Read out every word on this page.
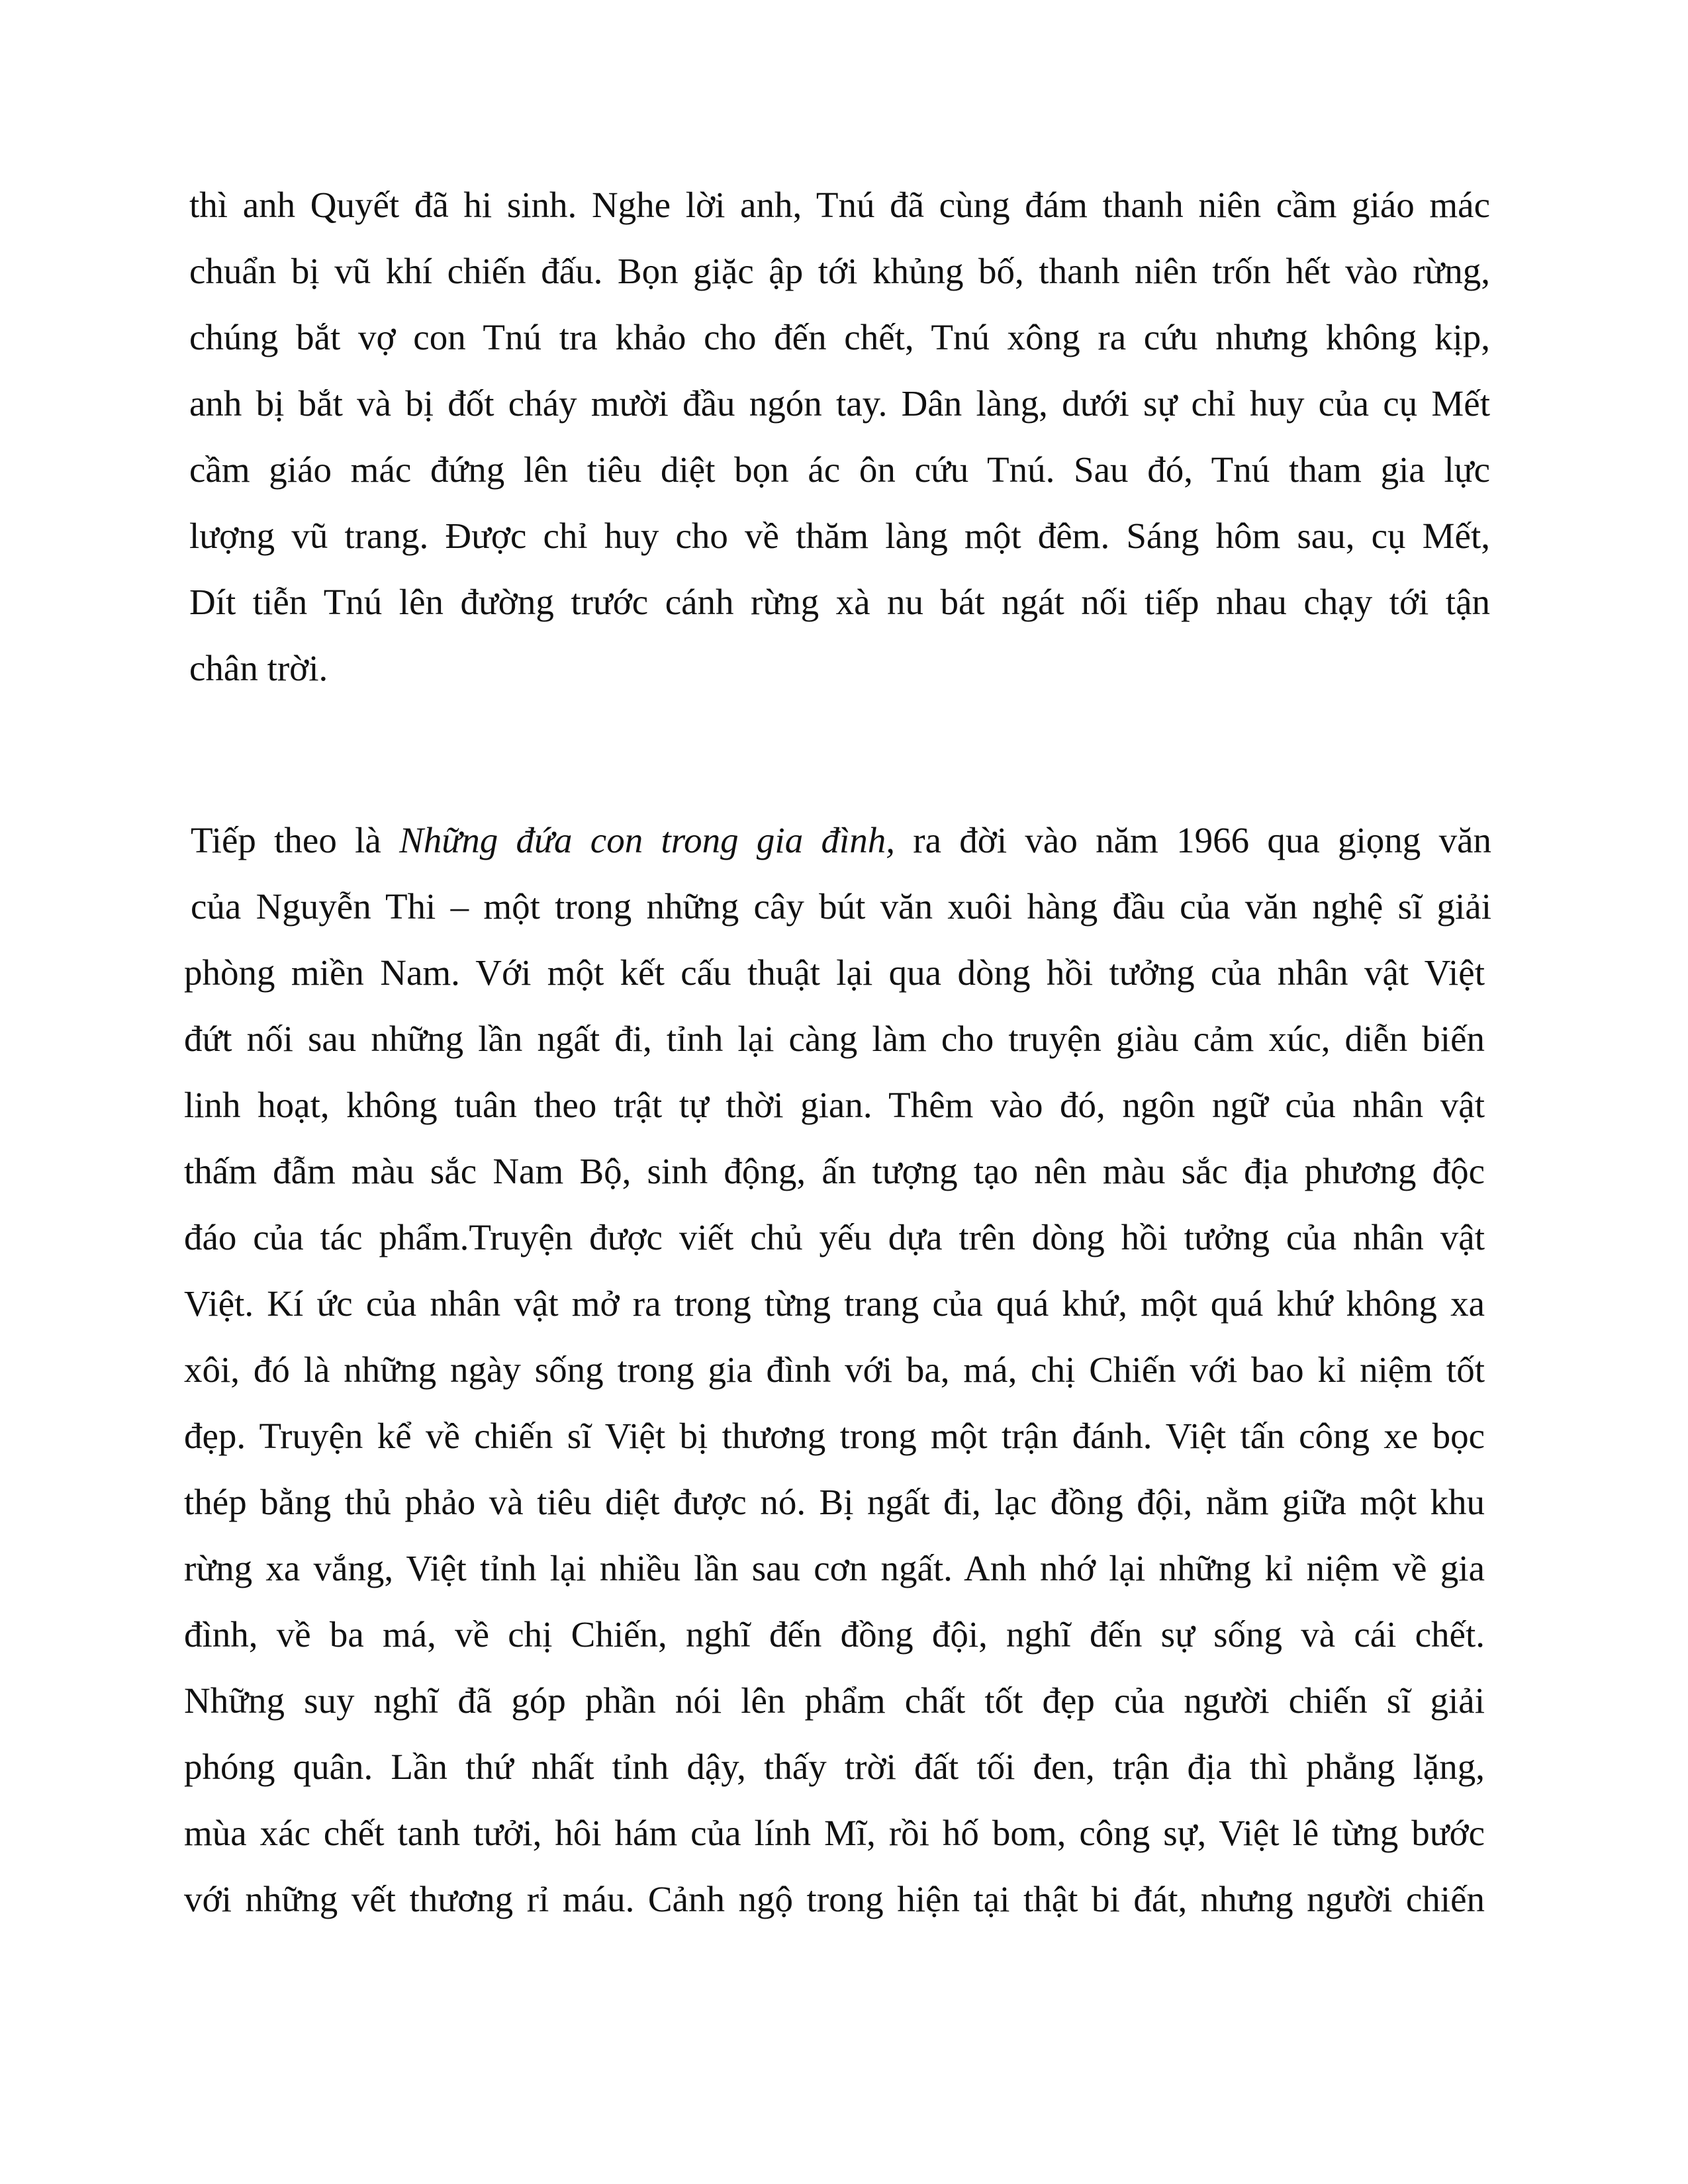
thì anh Quyết đã hi sinh. Nghe lời anh, Tnú đã cùng đám thanh niên cầm giáo mác
chuẩn bị vũ khí chiến đấu. Bọn giặc ập tới khủng bố, thanh niên trốn hết vào rừng,
chúng bắt vợ con Tnú tra khảo cho đến chết, Tnú xông ra cứu nhưng không kịp,
anh bị bắt và bị đốt cháy mười đầu ngón tay. Dân làng, dưới sự chỉ huy của cụ Mết
cầm giáo mác đứng lên tiêu diệt bọn ác ôn cứu Tnú. Sau đó, Tnú tham gia lực
lượng vũ trang. Được chỉ huy cho về thăm làng một đêm. Sáng hôm sau, cụ Mết,
Dít tiễn Tnú lên đường trước cánh rừng xà nu bát ngát nối tiếp nhau chạy tới tận
chân trời.
Tiếp theo là Những đứa con trong gia đình, ra đời vào năm 1966 qua giọng văn
của Nguyễn Thi – một trong những cây bút văn xuôi hàng đầu của văn nghệ sĩ giải
phòng miền Nam. Với một kết cấu thuật lại qua dòng hồi tưởng của nhân vật Việt
đứt nối sau những lần ngất đi, tỉnh lại càng làm cho truyện giàu cảm xúc, diễn biến
linh hoạt, không tuân theo trật tự thời gian. Thêm vào đó, ngôn ngữ của nhân vật
thấm đẫm màu sắc Nam Bộ, sinh động, ấn tượng tạo nên màu sắc địa phương độc
đáo của tác phẩm.Truyện được viết chủ yếu dựa trên dòng hồi tưởng của nhân vật
Việt. Kí ức của nhân vật mở ra trong từng trang của quá khứ, một quá khứ không xa
xôi, đó là những ngày sống trong gia đình với ba, má, chị Chiến với bao kỉ niệm tốt
đẹp. Truyện kể về chiến sĩ Việt bị thương trong một trận đánh. Việt tấn công xe bọc
thép bằng thủ phảo và tiêu diệt được nó. Bị ngất đi, lạc đồng đội, nằm giữa một khu
rừng xa vắng, Việt tỉnh lại nhiều lần sau cơn ngất. Anh nhớ lại những kỉ niệm về gia
đình, về ba má, về chị Chiến, nghĩ đến đồng đội, nghĩ đến sự sống và cái chết.
Những suy nghĩ đã góp phần nói lên phẩm chất tốt đẹp của người chiến sĩ giải
phóng quân. Lần thứ nhất tỉnh dậy, thấy trời đất tối đen, trận địa thì phẳng lặng,
mùa xác chết tanh tưởi, hôi hám của lính Mĩ, rồi hố bom, công sự, Việt lê từng bước
với những vết thương rỉ máu. Cảnh ngộ trong hiện tại thật bi đát, nhưng người chiến
